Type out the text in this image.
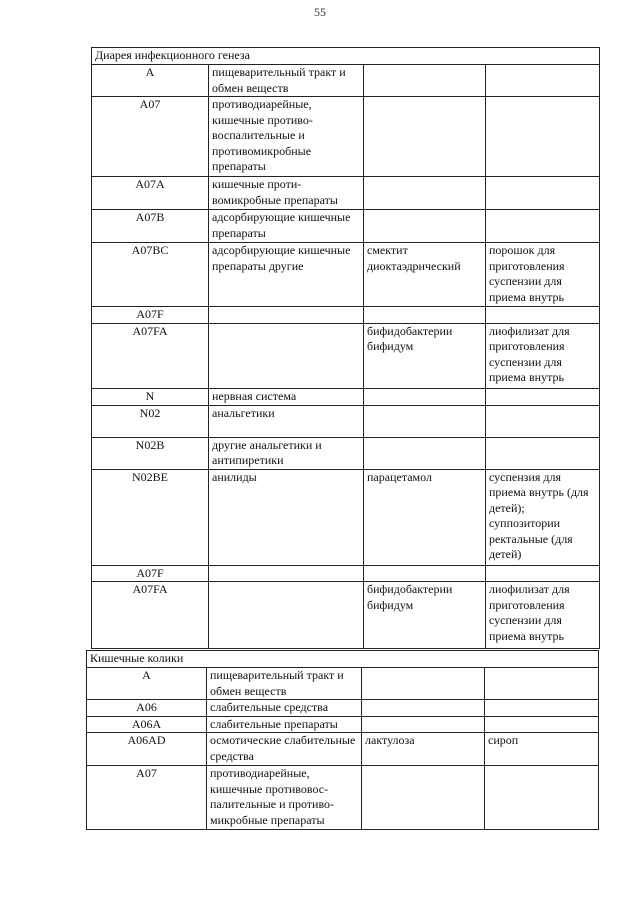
55
Диарея инфекционного генеза			
A	пищеварительный тракт и обмен веществ		
A07	противодиарейные, кишечные противо-воспалительные и противомикробные препараты		
A07A	кишечные проти-вомикробные препараты		
A07B	адсорбирующие кишечные препараты		
A07BC	адсорбирующие кишечные препараты другие	смектит диоктаэдрический	порошок для приготовления суспензии для приема внутрь
A07F			
A07FA		бифидобактерии бифидум	лиофилизат для приготовления суспензии для приема внутрь
N	нервная система		
N02	анальгетики		
N02B	другие анальгетики и антипиретики		
N02BE	анилиды	парацетамол	суспензия для приема внутрь (для детей); суппозитории ректальные (для детей)
A07F			
A07FA		бифидобактерии бифидум	лиофилизат для приготовления суспензии для приема внутрь
Кишечные колики			
A	пищеварительный тракт и обмен веществ		
A06	слабительные средства		
A06A	слабительные препараты		
A06AD	осмотические слабительные средства	лактулоза	сироп
A07	противодиарейные, кишечные противовос-палительные и противо-микробные препараты		
